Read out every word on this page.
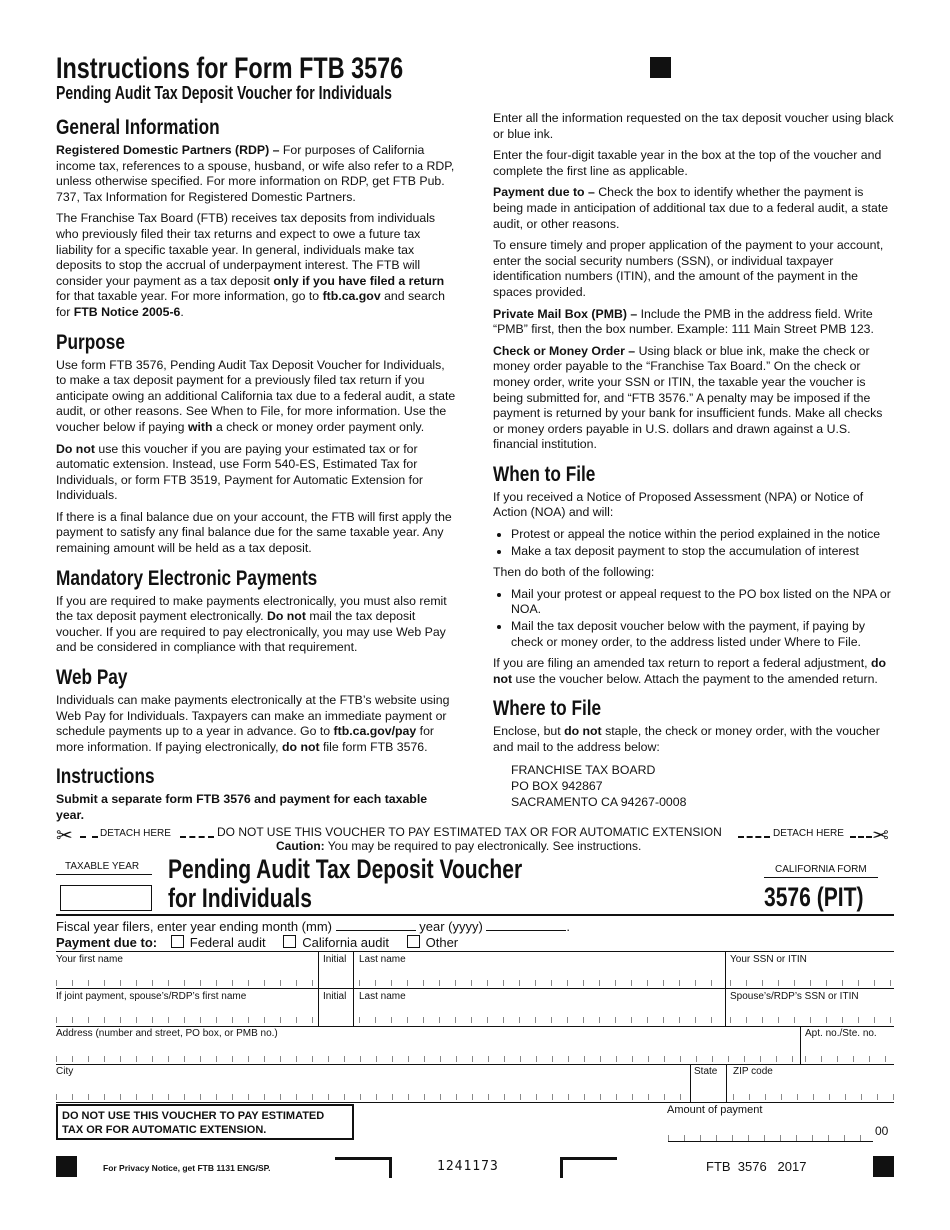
Instructions for Form FTB 3576
Pending Audit Tax Deposit Voucher for Individuals
General Information

Registered Domestic Partners (RDP) – For purposes of California income tax, references to a spouse, husband, or wife also refer to a RDP, unless otherwise specified. For more information on RDP, get FTB Pub. 737, Tax Information for Registered Domestic Partners.

The Franchise Tax Board (FTB) receives tax deposits from individuals who previously filed their tax returns and expect to owe a future tax liability for a specific taxable year. In general, individuals make tax deposits to stop the accrual of underpayment interest. The FTB will consider your payment as a tax deposit only if you have filed a return for that taxable year. For more information, go to ftb.ca.gov and search for FTB Notice 2005-6.

Purpose

Use form FTB 3576, Pending Audit Tax Deposit Voucher for Individuals, to make a tax deposit payment for a previously filed tax return if you anticipate owing an additional California tax due to a federal audit, a state audit, or other reasons. See When to File, for more information. Use the voucher below if paying with a check or money order payment only.

Do not use this voucher if you are paying your estimated tax or for automatic extension. Instead, use Form 540-ES, Estimated Tax for Individuals, or form FTB 3519, Payment for Automatic Extension for Individuals.

If there is a final balance due on your account, the FTB will first apply the payment to satisfy any final balance due for the same taxable year. Any remaining amount will be held as a tax deposit.

Mandatory Electronic Payments

If you are required to make payments electronically, you must also remit the tax deposit payment electronically. Do not mail the tax deposit voucher. If you are required to pay electronically, you may use Web Pay and be considered in compliance with that requirement.

Web Pay

Individuals can make payments electronically at the FTB’s website using Web Pay for Individuals. Taxpayers can make an immediate payment or schedule payments up to a year in advance. Go to ftb.ca.gov/pay for more information. If paying electronically, do not file form FTB 3576.

Instructions

Submit a separate form FTB 3576 and payment for each taxable year.

Enter all the information requested on the tax deposit voucher using black or blue ink.

Enter the four-digit taxable year in the box at the top of the voucher and complete the first line as applicable.

Payment due to – Check the box to identify whether the payment is being made in anticipation of additional tax due to a federal audit, a state audit, or other reasons.

To ensure timely and proper application of the payment to your account, enter the social security numbers (SSN), or individual taxpayer identification numbers (ITIN), and the amount of the payment in the spaces provided.

Private Mail Box (PMB) – Include the PMB in the address field. Write “PMB” first, then the box number. Example: 111 Main Street PMB 123.

Check or Money Order – Using black or blue ink, make the check or money order payable to the “Franchise Tax Board.” On the check or money order, write your SSN or ITIN, the taxable year the voucher is being submitted for, and “FTB 3576.” A penalty may be imposed if the payment is returned by your bank for insufficient funds. Make all checks or money orders payable in U.S. dollars and drawn against a U.S. financial institution.

When to File

If you received a Notice of Proposed Assessment (NPA) or Notice of Action (NOA) and will:

• Protest or appeal the notice within the period explained in the notice
• Make a tax deposit payment to stop the accumulation of interest

Then do both of the following:

• Mail your protest or appeal request to the PO box listed on the NPA or NOA.
• Mail the tax deposit voucher below with the payment, if paying by check or money order, to the address listed under Where to File.

If you are filing an amended tax return to report a federal adjustment, do not use the voucher below. Attach the payment to the amended return.

Where to File

Enclose, but do not staple, the check or money order, with the voucher and mail to the address below:

FRANCHISE TAX BOARD
PO BOX 942867
SACRAMENTO CA 94267-0008
✂	DETACH HERE	DO NOT USE THIS VOUCHER TO PAY ESTIMATED TAX OR FOR AUTOMATIC EXTENSION	DETACH HERE ✂
Caution: You may be required to pay electronically. See instructions.
TAXABLE YEAR Pending Audit Tax Deposit Voucher
for Individuals
CALIFORNIA FORM
3576 (PIT)
Fiscal year filers, enter year ending month (mm)	year (yyyy)	.
Payment due to:	Federal audit	California audit	Other
Your first name	Initial Last name	Your SSN or ITIN
If joint payment, spouse’s/RDP’s first name	Initial Last name	Spouse’s/RDP’s SSN or ITIN
Address (number and street, PO box, or PMB no.)	Apt. no./Ste. no.
City	State ZIP code
DO NOT USE THIS VOUCHER TO PAY ESTIMATED TAX OR FOR AUTOMATIC EXTENSION.
Amount of payment
00
For Privacy Notice, get FTB 1131 ENG/SP.	1241173	FTB  3576   2017
